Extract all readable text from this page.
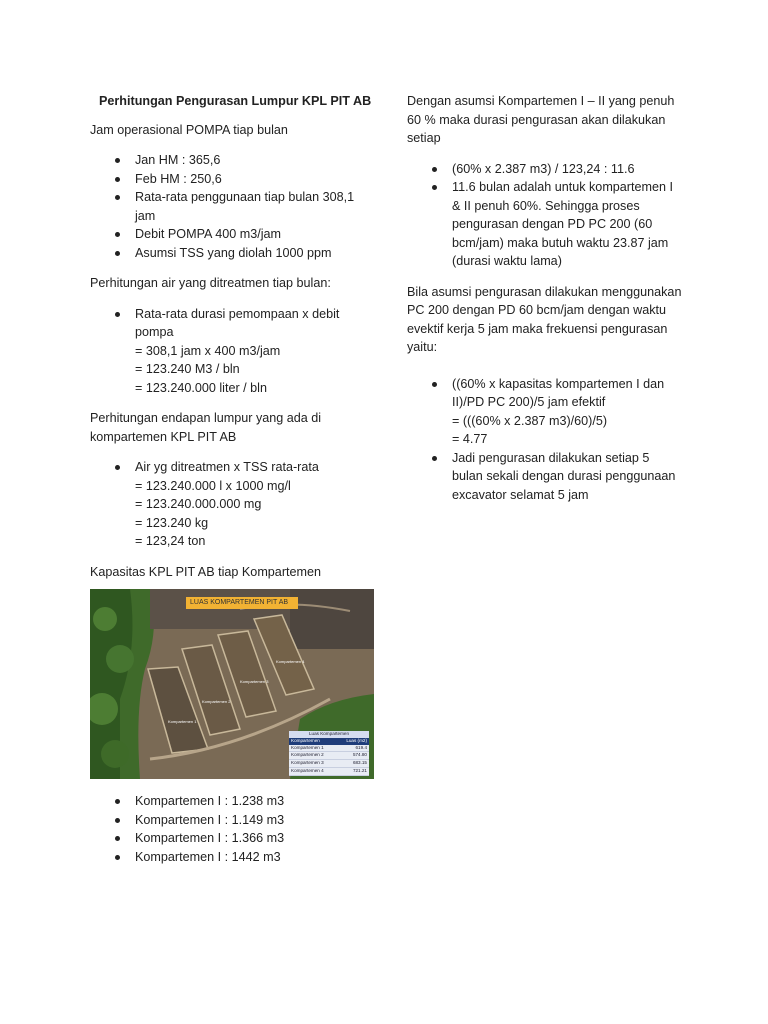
Perhitungan Pengurasan Lumpur KPL PIT AB

Jam operasional POMPA tiap bulan

Jan HM : 365,6
Feb HM : 250,6
Rata-rata penggunaan tiap bulan 308,1
jam
Debit POMPA 400 m3/jam
Asumsi TSS yang diolah 1000 ppm

Perhitungan air yang ditreatmen tiap bulan:

Rata-rata durasi pemompaan x debit
pompa
= 308,1 jam x 400 m3/jam
= 123.240 M3 / bln
= 123.240.000 liter / bln

Perhitungan endapan lumpur yang ada di
kompartemen KPL PIT AB

Air yg ditreatmen x TSS rata-rata
= 123.240.000 l x 1000 mg/l
= 123.240.000.000 mg
= 123.240 kg
= 123,24 ton

Kapasitas KPL PIT AB tiap Kompartemen

LUAS KOMPARTEMEN PIT AB
Kompartemen 1
Kompartemen 2
Kompartemen 3
Kompartemen 4
Luas Kompartemen
Kompartemen	Luas (m2)
Kompartemen 1	619.4
Kompartemen 2	574.80
Kompartemen 3	683.15
Kompartemen 4	721.21
Kompartemen I : 1.238 m3
Kompartemen I : 1.149 m3
Kompartemen I : 1.366 m3
Kompartemen I : 1442 m3

Dengan asumsi Kompartemen I – II yang penuh
60 % maka durasi pengurasan akan dilakukan
setiap

(60% x 2.387 m3) / 123,24 : 11.6
11.6 bulan adalah untuk kompartemen I
& II penuh 60%. Sehingga proses
pengurasan dengan PD PC 200 (60
bcm/jam) maka butuh waktu 23.87 jam
(durasi waktu lama)

Bila asumsi pengurasan dilakukan menggunakan
PC 200 dengan PD 60 bcm/jam dengan waktu
evektif kerja 5 jam maka frekuensi pengurasan
yaitu:

((60% x kapasitas kompartemen I dan
II)/PD PC 200)/5 jam efektif
= (((60% x 2.387 m3)/60)/5)
= 4.77
Jadi pengurasan dilakukan setiap 5
bulan sekali dengan durasi penggunaan
excavator selamat 5 jam
